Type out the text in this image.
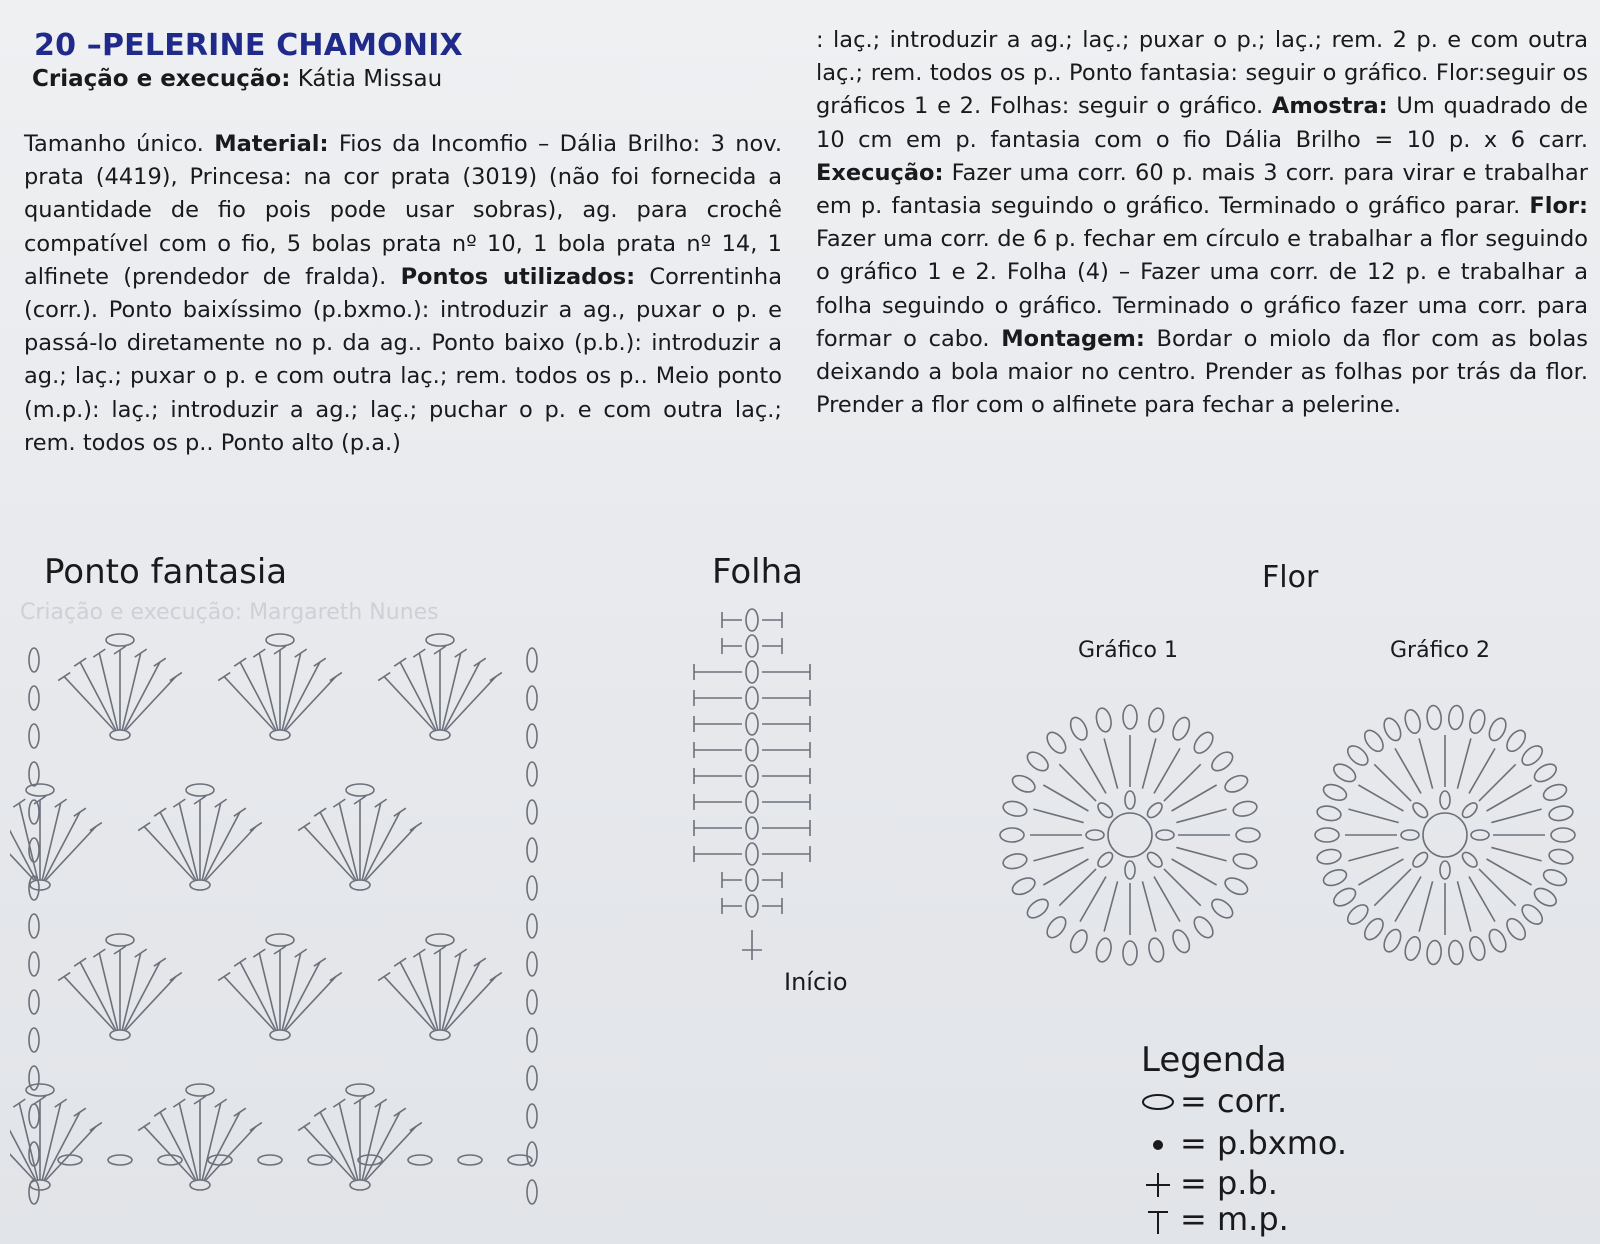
Criação e execução: Margareth Nunes
20 –PELERINE CHAMONIX
Criação e execução: Kátia Missau

Tamanho único. Material: Fios da Incomfio – Dália Brilho: 3 nov. prata (4419), Princesa: na cor prata (3019) (não foi fornecida a quantidade de fio pois pode usar sobras), ag. para crochê compatível com o fio, 5 bolas prata nº 10, 1 bola prata nº 14, 1 alfinete (prendedor de fralda). Pontos utilizados: Correntinha (corr.). Ponto baixíssimo (p.bxmo.): introduzir a ag., puxar o p. e passá-lo diretamente no p. da ag.. Ponto baixo (p.b.): introduzir a ag.; laç.; puxar o p. e com outra laç.; rem. todos os p.. Meio ponto (m.p.): laç.; introduzir a ag.; laç.; puchar o p. e com outra laç.; rem. todos os p.. Ponto alto (p.a.)

: laç.; introduzir a ag.; laç.; puxar o p.; laç.; rem. 2 p. e com outra laç.; rem. todos os p.. Ponto fantasia: seguir o gráfico. Flor:seguir os gráficos 1 e 2. Folhas: seguir o gráfico. Amostra: Um quadrado de 10 cm em p. fantasia com o fio Dália Brilho = 10 p. x 6 carr. Execução: Fazer uma corr. 60 p. mais 3 corr. para virar e trabalhar em p. fantasia seguindo o gráfico. Terminado o gráfico parar. Flor: Fazer uma corr. de 6 p. fechar em círculo e trabalhar a flor seguindo o gráfico 1 e 2. Folha (4) – Fazer uma corr. de 12 p. e trabalhar a folha seguindo o gráfico. Terminado o gráfico fazer uma corr. para formar o cabo. Montagem: Bordar o miolo da flor com as bolas deixando a bola maior no centro. Prender as folhas por trás da flor. Prender a flor com o alfinete para fechar a pelerine.

Ponto fantasia	Folha	Flor
Gráfico 1	Gráfico 2
Início
Legenda
= corr.
= p.bxmo.
= p.b.
= m.p.
